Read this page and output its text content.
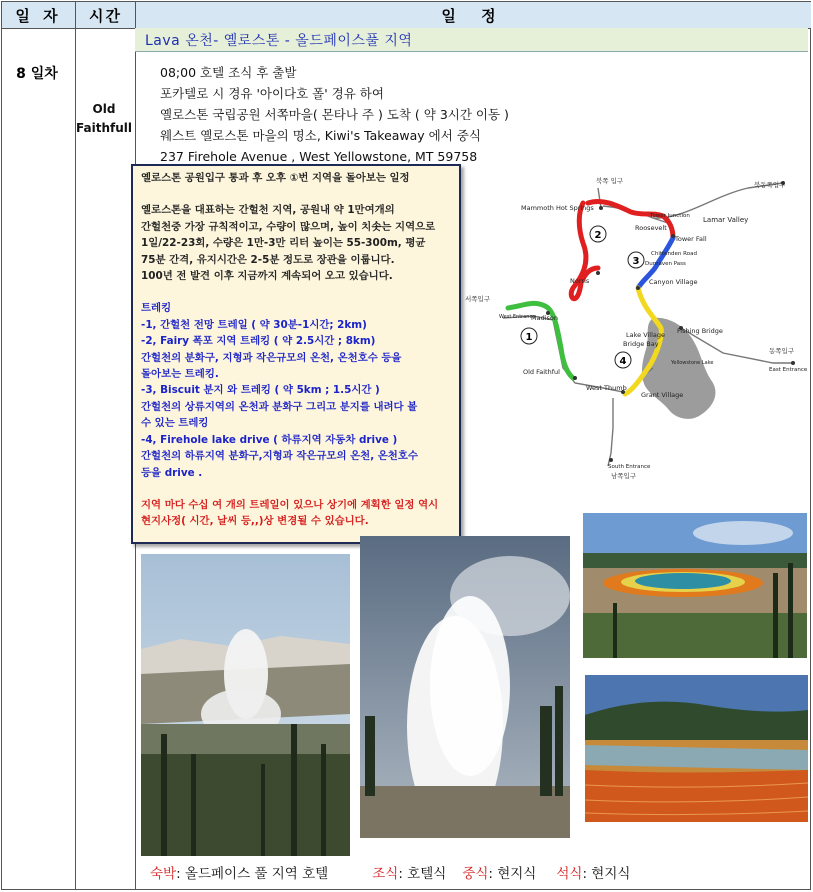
일 자	시간	일 정
8 일차
Old
Faithfull
Lava 온천- 옐로스톤 - 올드페이스풀 지역
08;00 호텔 조식 후 출발
포카텔로 시 경유 '아이다호 폴' 경유 하여
옐로스톤 국립공원 서쪽마을( 몬타나 주 ) 도착 ( 약 3시간 이동 )
웨스트 옐로스톤 마을의 명소, Kiwi's Takeaway 에서 중식
237 Firehole Avenue , West Yellowstone, MT 59758
옐로스톤 공원입구 통과 후 오후 ①번 지역을 돌아보는 일정
옐로스톤을 대표하는 간헐천 지역, 공원내 약 1만여개의
간헐천중 가장 규칙적이고, 수량이 많으며, 높이 치솟는 지역으로
1일/22-23회, 수량은 1만-3만 리터 높이는 55-300m, 평균
75분 간격, 유지시간은 2-5분 정도로 장관을 이룹니다.
100년 전 발견 이후 지금까지 계속되어 오고 있습니다.
트레킹
-1, 간헐천 전망 트레일 ( 약 30분-1시간; 2km)
-2, Fairy 폭포 지역 트레킹 ( 약 2.5시간 ; 8km)
간헐천의 분화구, 지형과 작은규모의 온천, 온천호수 등을
돌아보는 트레킹.
-3, Biscuit 분지 와 트레킹 ( 약 5km ; 1.5시간 )
간헐천의 상류지역의 온천과 분화구 그리고 분지를 내려다 볼
수 있는 트레킹
-4, Firehole lake drive ( 하류지역 자동차 drive )
간헐천의 하류지역 분화구,지형과 작은규모의 온천, 온천호수
등을 drive .
지역 마다 수십 여 개의 트레일이 있으나 상기에 계획한 일정 역시
현지사정( 시간, 날씨 등,,)상 변경될 수 있습니다.
1
2
3
4
북쪽 입구	북동쪽입구
Mammoth Hot Springs
Tower Junction Lamar Valley
Roosevelt
Tower Fall
Chittenden Road
Dunraven Pass
Norris	Canyon Village
서쪽입구
West Entrance
Madison
Fishing Bridge
Lake Village
Bridge Bay
Yellowstone Lake
동쪽입구
East Entrance
Old Faithful
West Thumb
Grant Village
South Entrance
남쪽입구
숙박 : 올드페이스 풀 지역 호텔	조식 : 호텔식 중식 : 현지식 석식 : 현지식
